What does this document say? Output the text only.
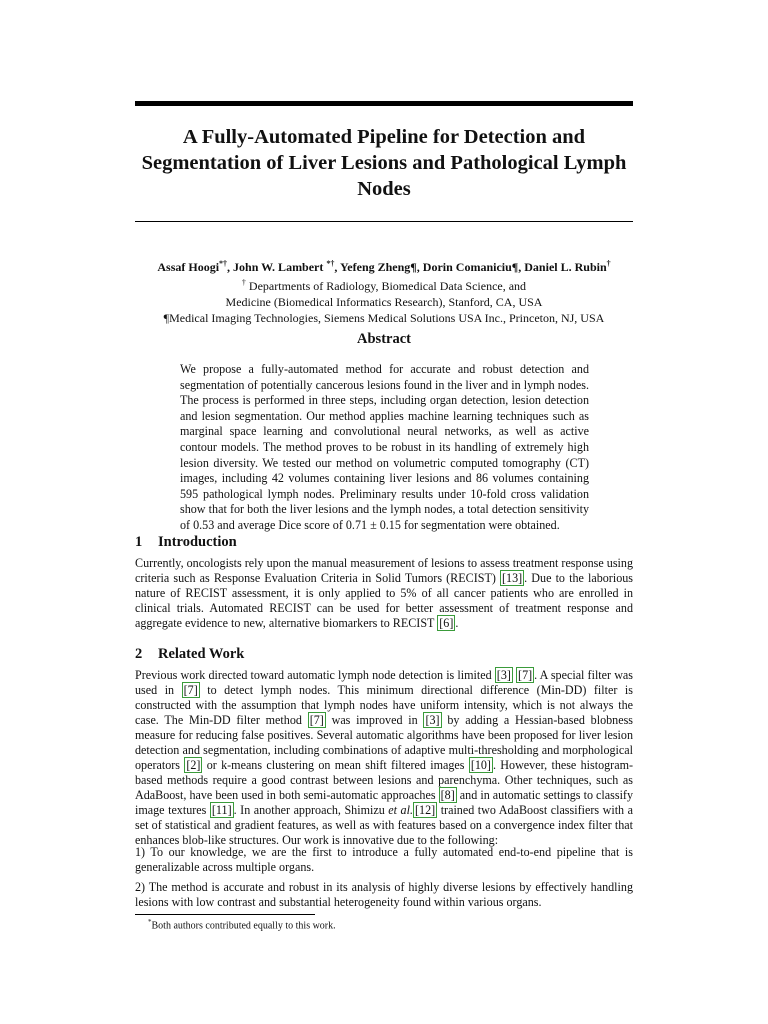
A Fully-Automated Pipeline for Detection and Segmentation of Liver Lesions and Pathological Lymph Nodes
Assaf Hoogi*†, John W. Lambert *†, Yefeng Zheng¶, Dorin Comaniciu¶, Daniel L. Rubin†
† Departments of Radiology, Biomedical Data Science, and
Medicine (Biomedical Informatics Research), Stanford, CA, USA
¶Medical Imaging Technologies, Siemens Medical Solutions USA Inc., Princeton, NJ, USA
Abstract

We propose a fully-automated method for accurate and robust detection and segmentation of potentially cancerous lesions found in the liver and in lymph nodes. The process is performed in three steps, including organ detection, lesion detection and lesion segmentation. Our method applies machine learning techniques such as marginal space learning and convolutional neural networks, as well as active contour models. The method proves to be robust in its handling of extremely high lesion diversity. We tested our method on volumetric computed tomography (CT) images, including 42 volumes containing liver lesions and 86 volumes containing 595 pathological lymph nodes. Preliminary results under 10-fold cross validation show that for both the liver lesions and the lymph nodes, a total detection sensitivity of 0.53 and average Dice score of 0.71 ± 0.15 for segmentation were obtained.

1 Introduction

Currently, oncologists rely upon the manual measurement of lesions to assess treatment response using criteria such as Response Evaluation Criteria in Solid Tumors (RECIST) [13] . Due to the laborious nature of RECIST assessment, it is only applied to 5% of all cancer patients who are enrolled in clinical trials. Automated RECIST can be used for better assessment of treatment response and aggregate evidence to new, alternative biomarkers to RECIST [6] .

2 Related Work

Previous work directed toward automatic lymph node detection is limited [3] [7] . A special filter was used in [7] to detect lymph nodes. This minimum directional difference (Min-DD) filter is constructed with the assumption that lymph nodes have uniform intensity, which is not always the case. The Min-DD filter method [7] was improved in [3] by adding a Hessian-based blobness measure for reducing false positives. Several automatic algorithms have been proposed for liver lesion detection and segmentation, including combinations of adaptive multi-thresholding and morphological operators [2] or k-means clustering on mean shift filtered images [10] . However, these histogram-based methods require a good contrast between lesions and parenchyma. Other techniques, such as AdaBoost, have been used in both semi-automatic approaches [8] and in automatic settings to classify image textures [11] . In another approach, Shimizu et al. [12] trained two AdaBoost classifiers with a set of statistical and gradient features, as well as with features based on a convergence index filter that enhances blob-like structures. Our work is innovative due to the following:

1) To our knowledge, we are the first to introduce a fully automated end-to-end pipeline that is generalizable across multiple organs.

2) The method is accurate and robust in its analysis of highly diverse lesions by effectively handling lesions with low contrast and substantial heterogeneity found within various organs.

*Both authors contributed equally to this work.
